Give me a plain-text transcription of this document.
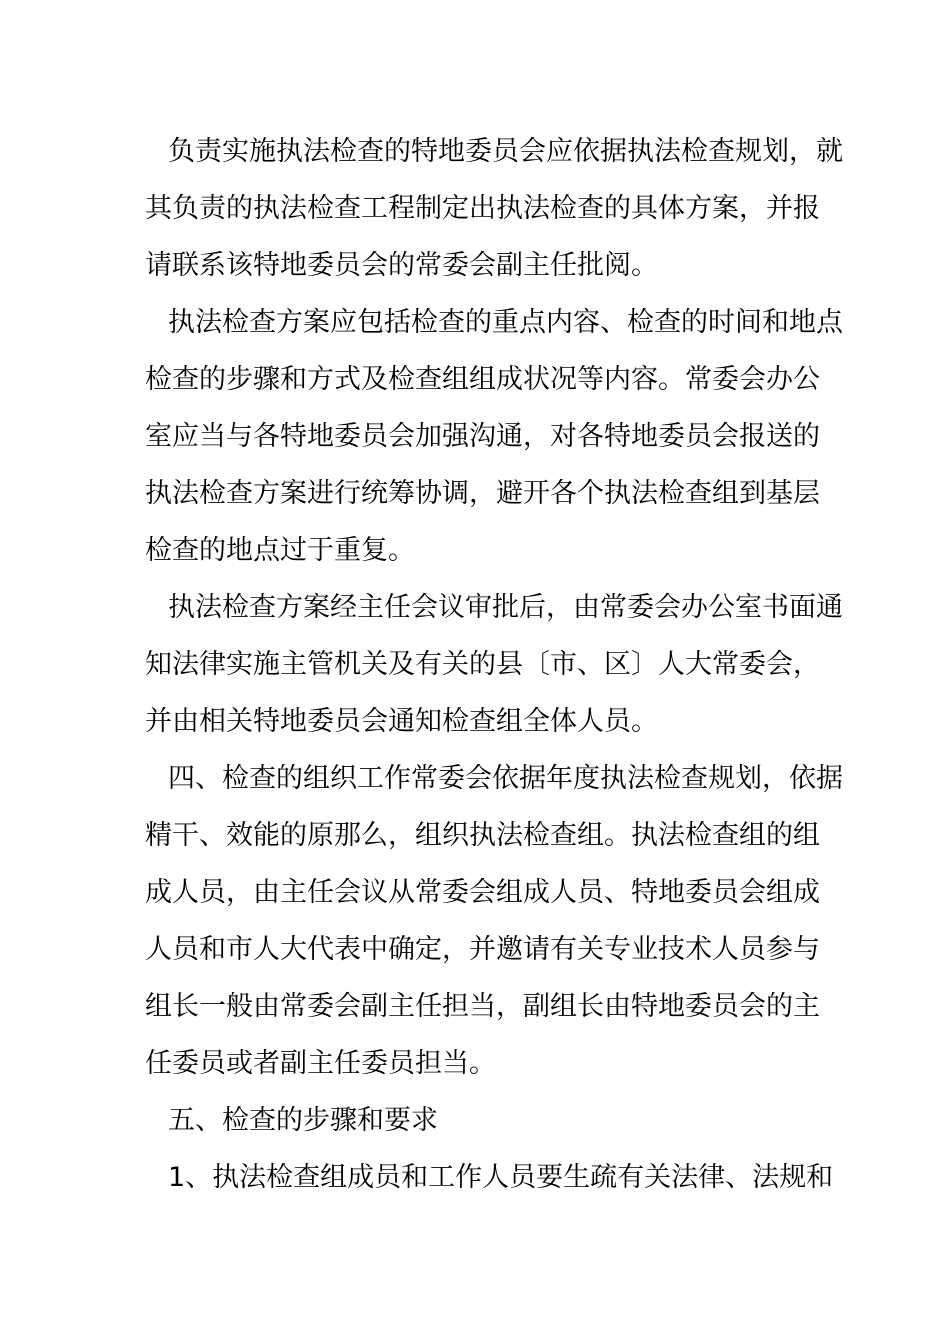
负责实施执法检查的特地委员会应依据执法检查规划，就
其负责的执法检查工程制定出执法检查的具体方案，并报
请联系该特地委员会的常委会副主任批阅。
执法检查方案应包括检查的重点内容、检查的时间和地点
检查的步骤和方式及检查组组成状况等内容。常委会办公
室应当与各特地委员会加强沟通，对各特地委员会报送的
执法检查方案进行统筹协调，避开各个执法检查组到基层
检查的地点过于重复。
执法检查方案经主任会议审批后，由常委会办公室书面通
知法律实施主管机关及有关的县〔市、区〕人大常委会，
并由相关特地委员会通知检查组全体人员。
四、检查的组织工作常委会依据年度执法检查规划，依据
精干、效能的原那么，组织执法检查组。执法检查组的组
成人员，由主任会议从常委会组成人员、特地委员会组成
人员和市人大代表中确定，并邀请有关专业技术人员参与
组长一般由常委会副主任担当，副组长由特地委员会的主
任委员或者副主任委员担当。
五、检查的步骤和要求
1、执法检查组成员和工作人员要生疏有关法律、法规和
